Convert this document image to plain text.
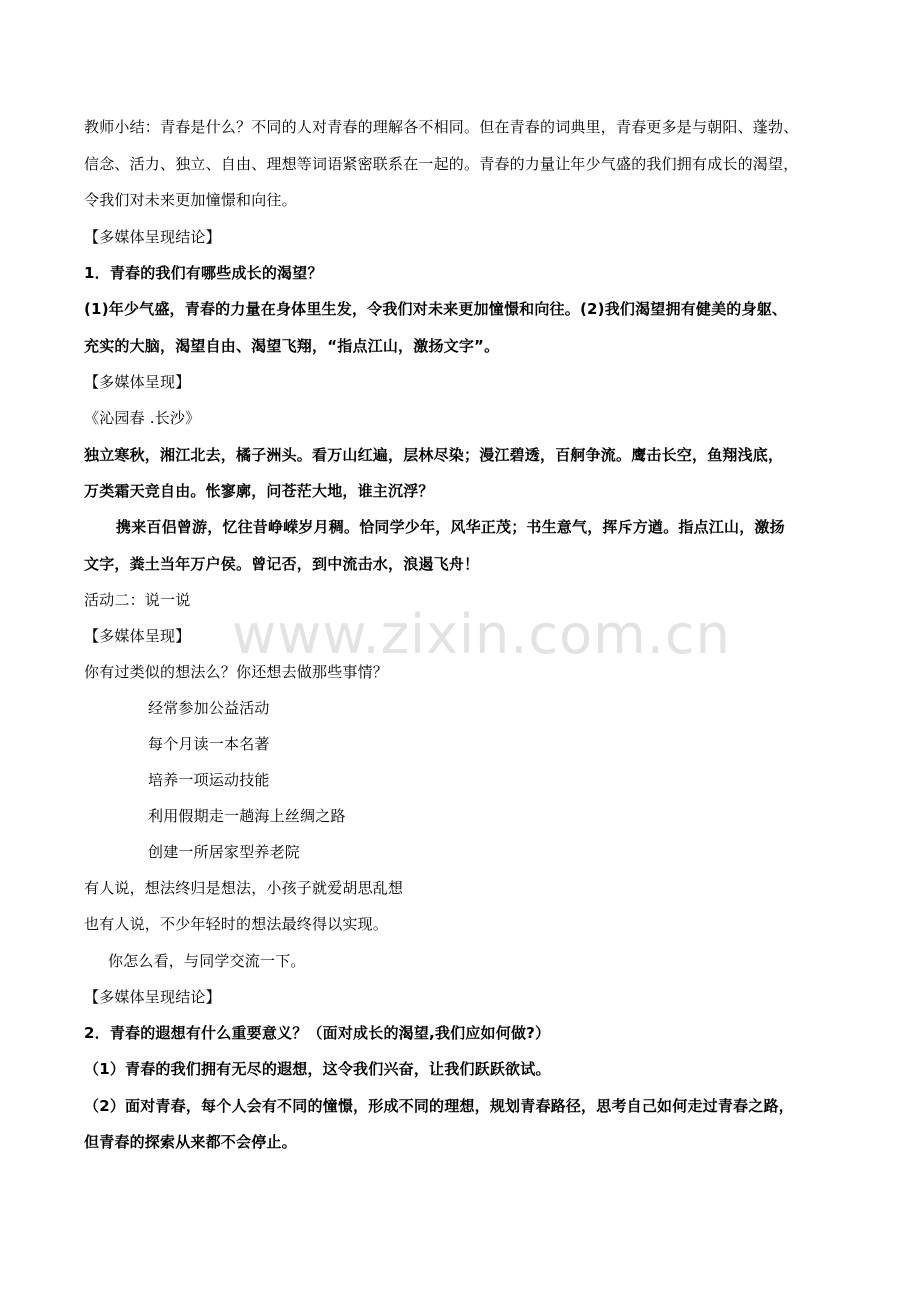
www.zixin.com.cn

教师小结：青春是什么？不同的人对青春的理解各不相同。但在青春的词典里，青春更多是与朝阳、蓬勃、

信念、活力、独立、自由、理想等词语紧密联系在一起的。青春的力量让年少气盛的我们拥有成长的渴望，

令我们对未来更加憧憬和向往。

【多媒体呈现结论】

1．青春的我们有哪些成长的渴望？

(1)年少气盛，青春的力量在身体里生发，令我们对未来更加憧憬和向往。(2)我们渴望拥有健美的身躯、

充实的大脑，渴望自由、渴望飞翔，“指点江山，激扬文字”。

【多媒体呈现】

《沁园春 .长沙》

独立寒秋，湘江北去，橘子洲头。看万山红遍，层林尽染；漫江碧透，百舸争流。鹰击长空，鱼翔浅底，

万类霜天竞自由。怅寥廓，问苍茫大地，谁主沉浮？

携来百侣曾游，忆往昔峥嵘岁月稠。恰同学少年，风华正茂；书生意气，挥斥方遒。指点江山，激扬

文字，粪土当年万户侯。曾记否，到中流击水，浪遏飞舟！

活动二：说一说

【多媒体呈现】

你有过类似的想法么？你还想去做那些事情？

经常参加公益活动

每个月读一本名著

培养一项运动技能

利用假期走一趟海上丝绸之路

创建一所居家型养老院

有人说，想法终归是想法，小孩子就爱胡思乱想

也有人说，不少年轻时的想法最终得以实现。

你怎么看，与同学交流一下。

【多媒体呈现结论】

2．青春的遐想有什么重要意义？（面对成长的渴望,我们应如何做?）

（1）青春的我们拥有无尽的遐想，这令我们兴奋，让我们跃跃欲试。

（2）面对青春，每个人会有不同的憧憬，形成不同的理想，规划青春路径，思考自己如何走过青春之路，

但青春的探索从来都不会停止。
